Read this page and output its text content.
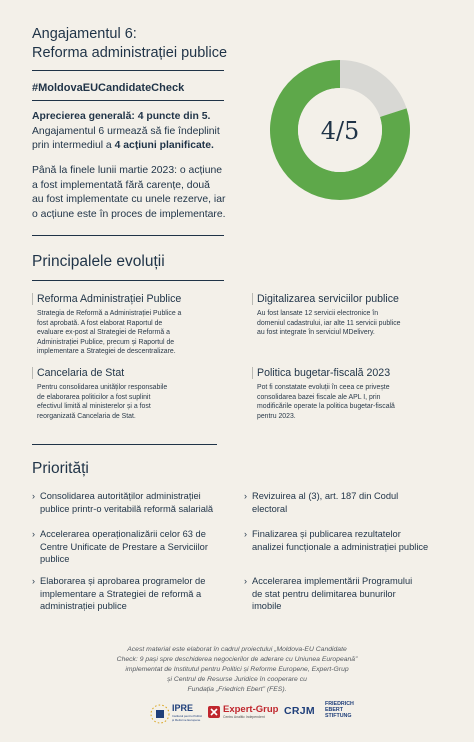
Angajamentul 6:
Reforma administrației publice
#MoldovaEUCandidateCheck
Aprecierea generală: 4 puncte din 5.
Angajamentul 6 urmează să fie îndeplinit
prin intermediul a 4 acțiuni planificate.
Până la finele lunii martie 2023: o acțiune
a fost implementată fără carențe, două
au fost implementate cu unele rezerve, iar
o acțiune este în proces de implementare.
4/5
Principalele evoluții
Reforma Administrației Publice
Strategia de Reformă a Administrației Publice a
fost aprobată. A fost elaborat Raportul de
evaluare ex-post al Strategiei de Reformă a
Administrației Publice, precum și Raportul de
implementare a Strategiei de descentralizare.
Digitalizarea serviciilor publice
Au fost lansate 12 servicii electronice în
domeniul cadastrului, iar alte 11 servicii publice
au fost integrate în serviciul MDelivery.
Cancelaria de Stat
Pentru consolidarea unităților responsabile
de elaborarea politicilor a fost suplinit
efectivul limită al ministerelor și a fost
reorganizată Cancelaria de Stat.
Politica bugetar-fiscală 2023
Pot fi constatate evoluții în ceea ce privește
consolidarea bazei fiscale ale APL I, prin
modificările operate la politica bugetar-fiscală
pentru 2023.
Priorități
› Consolidarea autorităților administrației
publice printr-o veritabilă reformă salarială
› Accelerarea operaționalizării celor 63 de
Centre Unificate de Prestare a Serviciilor
publice
› Elaborarea și aprobarea programelor de
implementare a Strategiei de reformă a
administrației publice
› Revizuirea al (3), art. 187 din Codul
electoral
› Finalizarea și publicarea rezultatelor
analizei funcționale a administrației publice
› Accelerarea implementării Programului
de stat pentru delimitarea bunurilor
imobile
Acest material este elaborat în cadrul proiectului „Moldova-EU Candidate
Check: 9 pași spre deschiderea negocierilor de aderare cu Uniunea Europeană”
implementat de Institutul pentru Politici și Reforme Europene, Expert-Grup
și Centrul de Resurse Juridice în cooperare cu
Fundația „Friedrich Ebert” (FES).
IPRE
Institutul pentru Politici și Reforme Europene
Expert-Grup
Centru Analitic Independent CRJM
FRIEDRICH
EBERT
STIFTUNG
